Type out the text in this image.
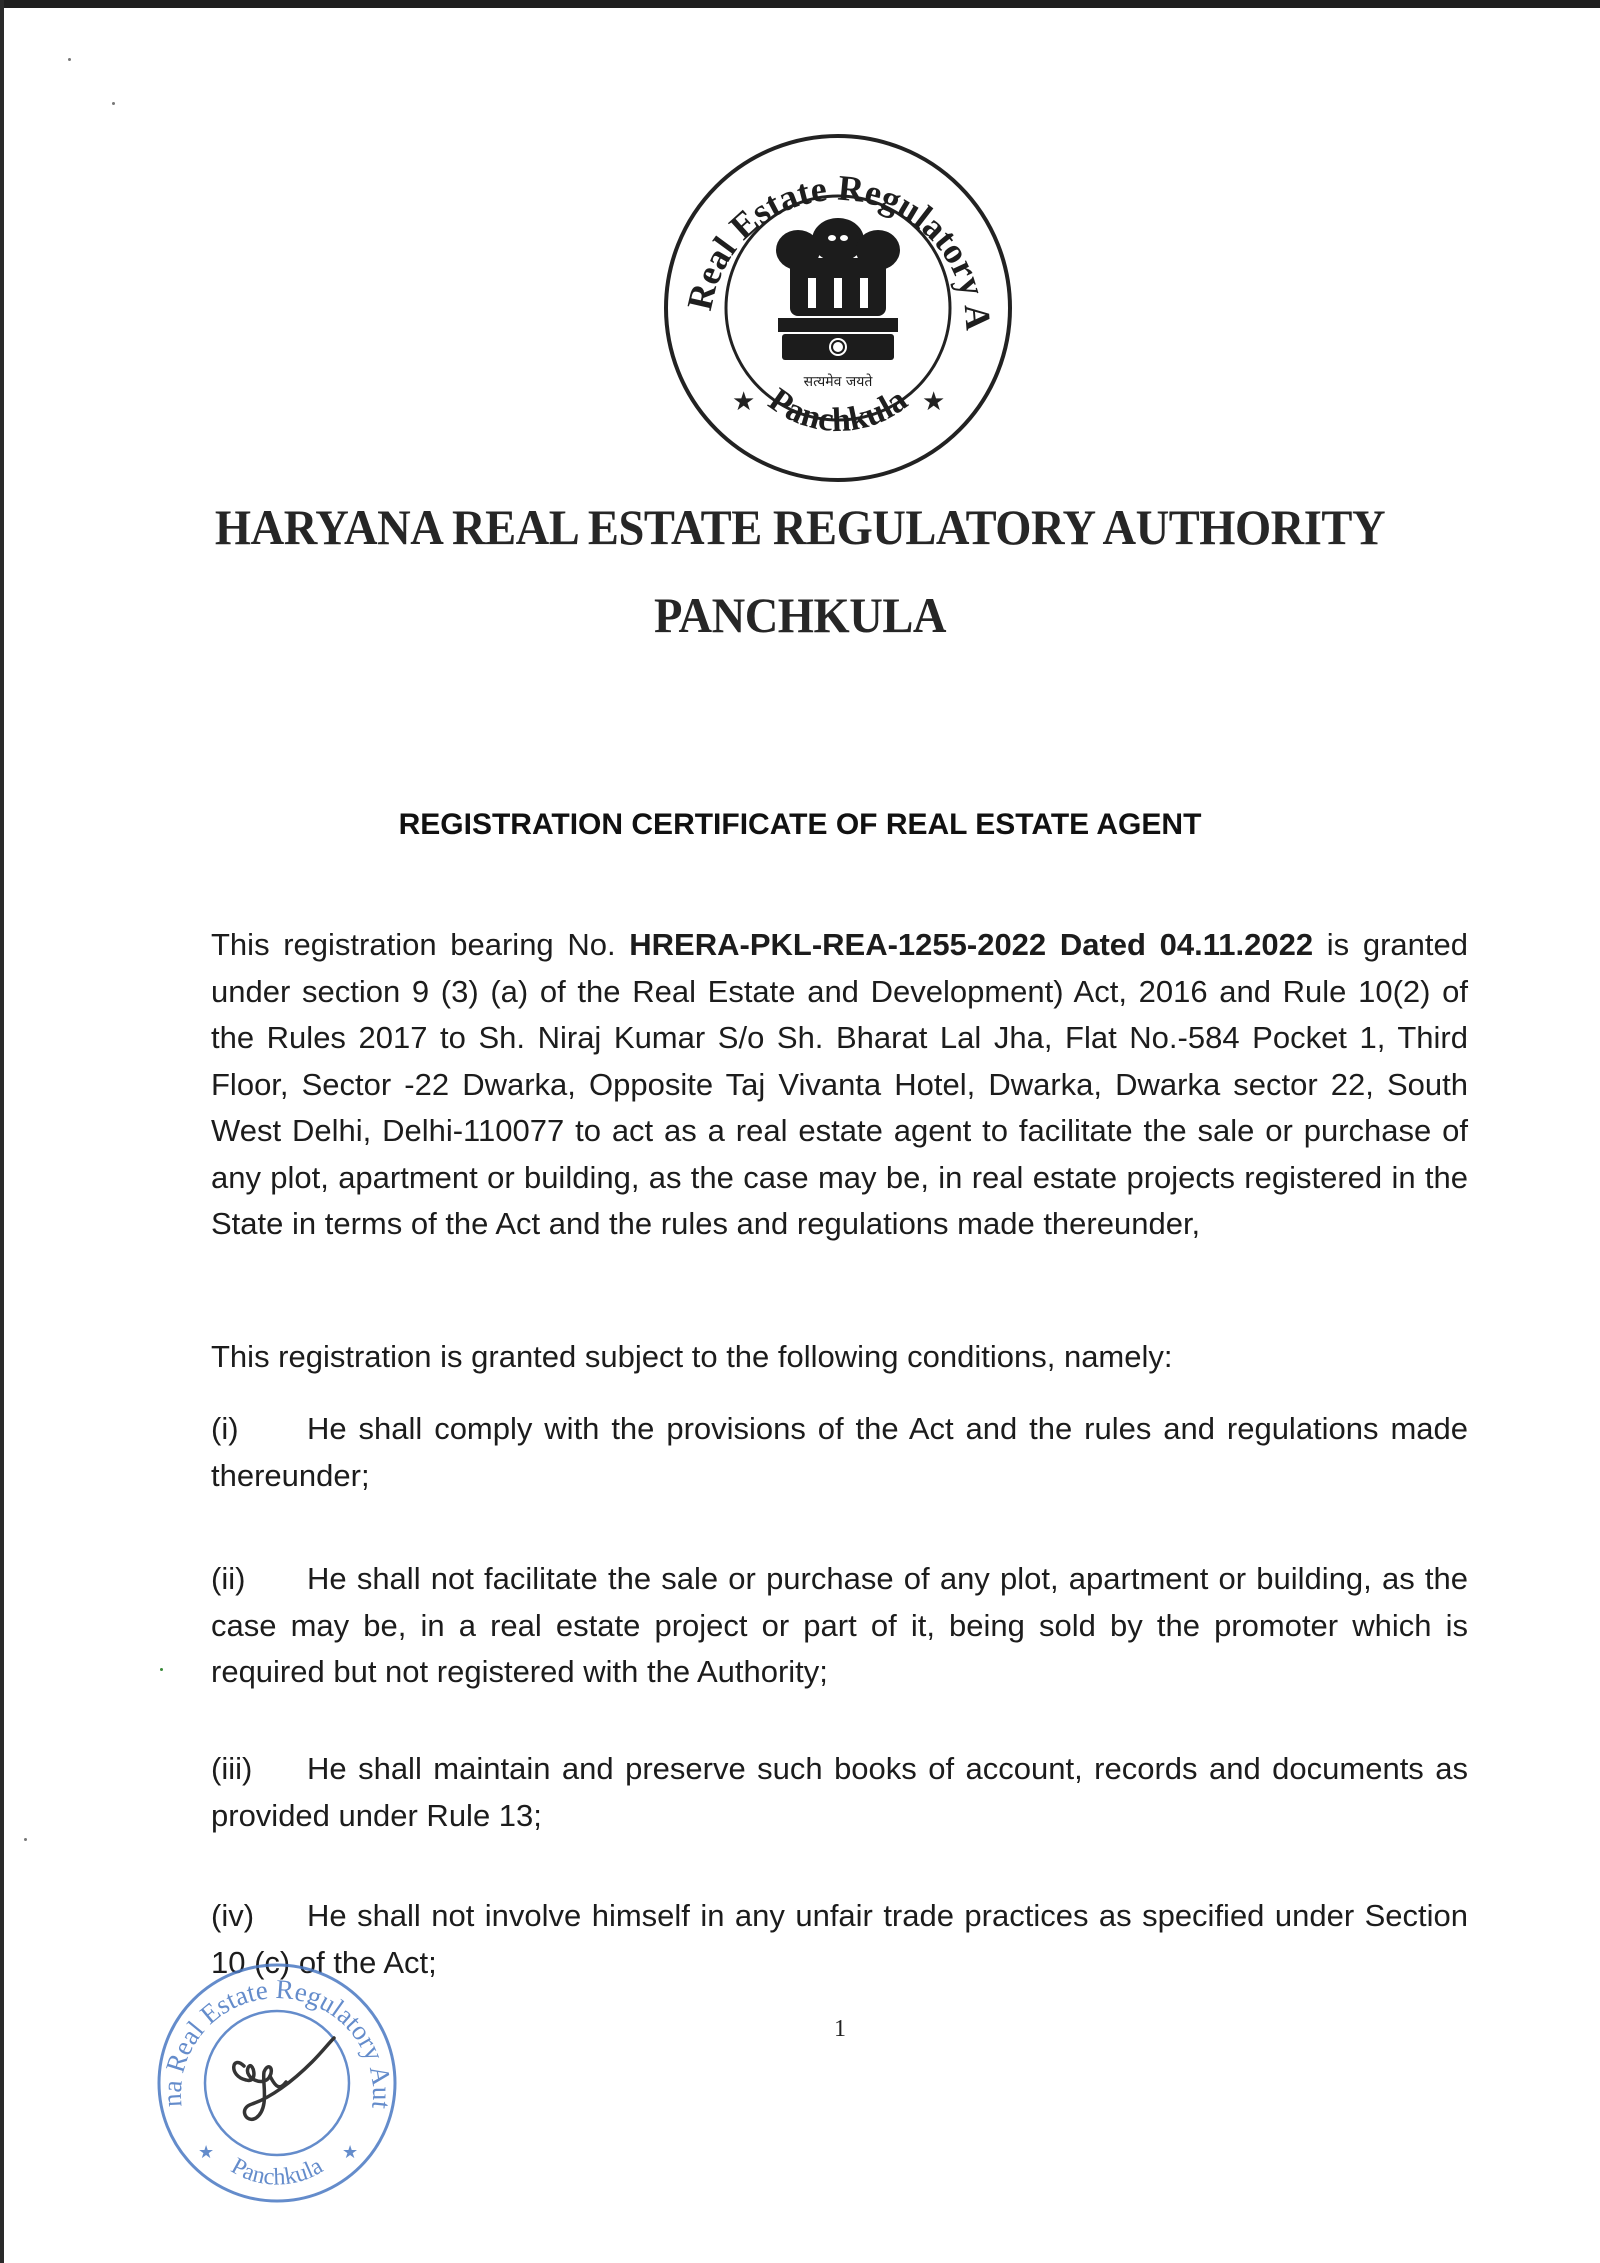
Real Estate Regulatory A
Panchkula
★	★
सत्यमेव जयते
HARYANA REAL ESTATE REGULATORY AUTHORITY
PANCHKULA
REGISTRATION CERTIFICATE OF REAL ESTATE AGENT
This registration bearing No. HRERA-PKL-REA-1255-2022 Dated 04.11.2022 is granted under section 9 (3) (a) of the Real Estate and Development) Act, 2016 and Rule 10(2) of the Rules 2017 to Sh. Niraj Kumar S/o Sh. Bharat Lal Jha, Flat No.-584 Pocket 1, Third Floor, Sector -22 Dwarka, Opposite Taj Vivanta Hotel, Dwarka, Dwarka sector 22, South West Delhi, Delhi-110077 to act as a real estate agent to facilitate the sale or purchase of any plot, apartment or building, as the case may be, in real estate projects registered in the State in terms of the Act and the rules and regulations made thereunder,
This registration is granted subject to the following conditions, namely:
(i) He shall comply with the provisions of the Act and the rules and regulations made thereunder;
(ii) He shall not facilitate the sale or purchase of any plot, apartment or building, as the case may be, in a real estate project or part of it, being sold by the promoter which is required but not registered with the Authority;
(iii) He shall maintain and preserve such books of account, records and documents as provided under Rule 13;
(iv) He shall not involve himself in any unfair trade practices as specified under Section 10 (c) of the Act;
1
na Real Estate Regulatory Aut
Panchkula
★	★
